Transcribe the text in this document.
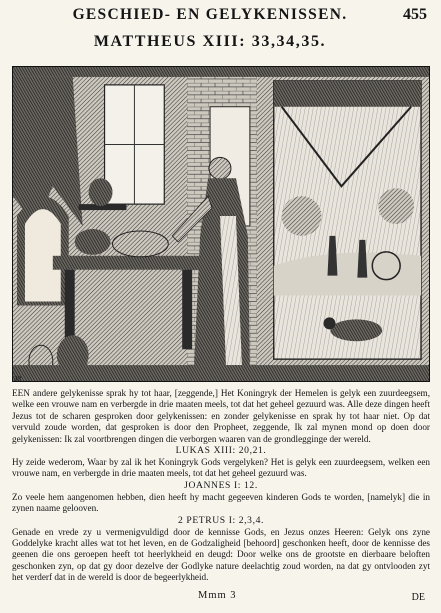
GESCHIED- EN GELYKENISSEN.	455
MATTHEUS XIII: 33,34,35.
38

EEN andere gelykenisse sprak hy tot haar, [zeggende,] Het Koningryk der Hemelen is gelyk een zuurdeegsem, welke een vrouwe nam en verbergde in drie maaten meels, tot dat het geheel gezuurd was. Alle deze dingen heeft Jezus tot de scharen gesproken door gelykenissen: en zonder gelykenisse en sprak hy tot haar niet. Op dat vervuld zoude worden, dat gesproken is door den Propheet, zeggende, Ik zal mynen mond op doen door gelykenissen: Ik zal voortbrengen dingen die verborgen waaren van de grondlegginge der wereld.

LUKAS XIII: 20,21.

Hy zeide wederom, Waar by zal ik het Koningryk Gods vergelyken? Het is gelyk een zuurdeegsem, welken een vrouwe nam, en verbergde in drie maaten meels, tot dat het geheel gezuurd was.

JOANNES I: 12.

Zo veele hem aangenomen hebben, dien heeft hy macht gegeeven kinderen Gods te worden, [namelyk] die in zynen naame gelooven.

2 PETRUS I: 2,3,4.

Genade en vrede zy u vermenigvuldigd door de kennisse Gods, en Jezus onzes Heeren: Gelyk ons zyne Goddelyke kracht alles wat tot het leven, en de Godzaligheid [behoord] geschonken heeft, door de kennisse des geenen die ons geroepen heeft tot heerlykheid en deugd: Door welke ons de grootste en dierbaare beloften geschonken zyn, op dat gy door dezelve der Godlyke nature deelachtig zoud worden, na dat gy ontvlooden zyt het verderf dat in de wereld is door de begeerlykheid.

Mmm 3	DE
